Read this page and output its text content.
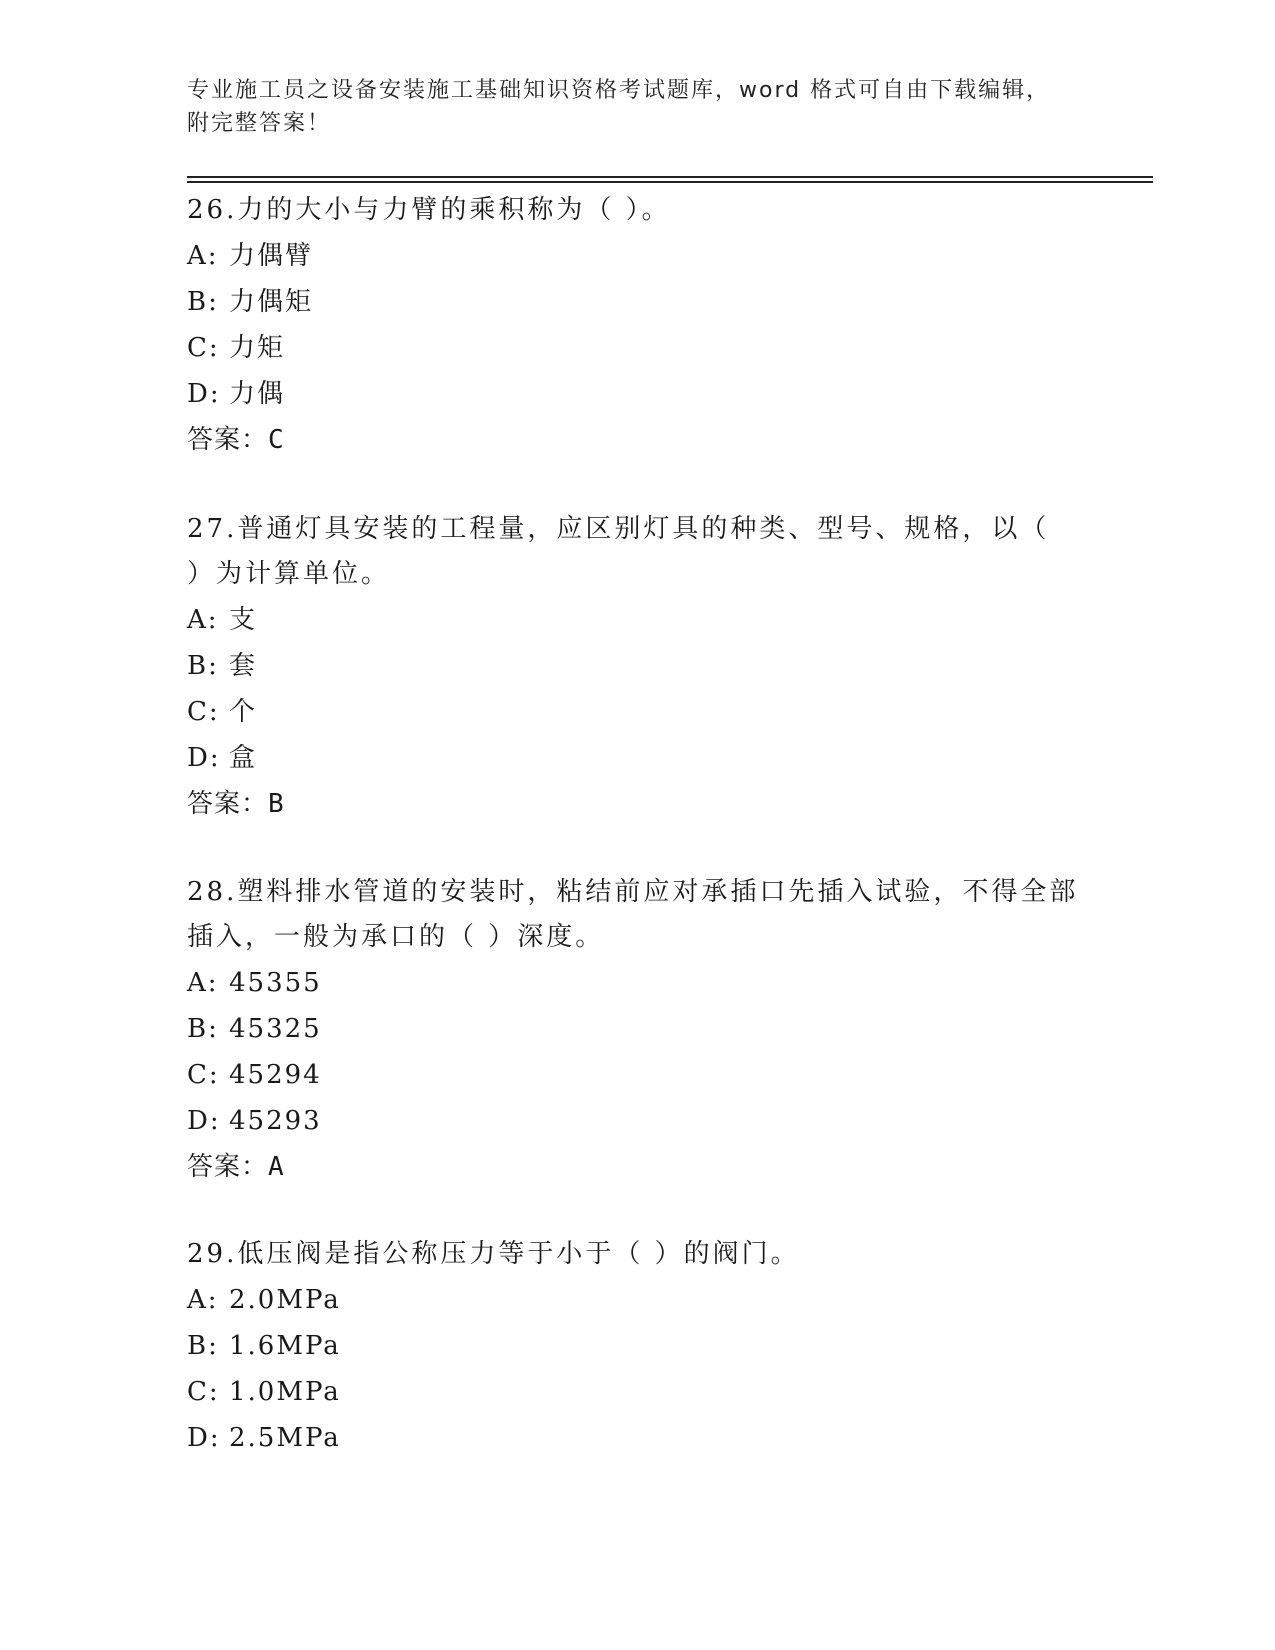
专业施工员之设备安装施工基础知识资格考试题库，word 格式可自由下载编辑，
附完整答案！

26.力的大小与力臂的乘积称为（ ）。

A: 力偶臂

B: 力偶矩

C: 力矩

D: 力偶

答案：C

27.普通灯具安装的工程量，应区别灯具的种类、型号、规格，以（

）为计算单位。

A: 支

B: 套

C: 个

D: 盒

答案：B

28.塑料排水管道的安装时，粘结前应对承插口先插入试验，不得全部

插入，一般为承口的（ ）深度。

A: 45355

B: 45325

C: 45294

D: 45293

答案：A

29.低压阀是指公称压力等于小于（ ）的阀门。

A: 2.0MPa

B: 1.6MPa

C: 1.0MPa

D: 2.5MPa
